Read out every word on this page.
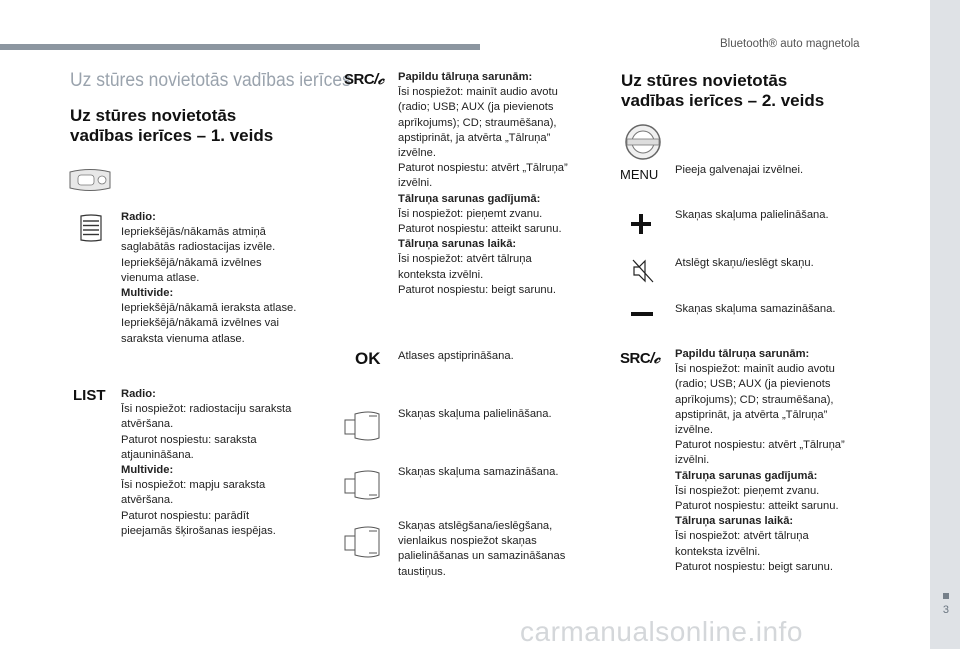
Bluetooth® auto magnetola
3
carmanualsonline.info
Uz stūres novietotās vadības ierīces
Uz stūres novietotās
vadības ierīces – 1. veids
Radio:
Iepriekšējās/nākamās atmiņā
saglabātās radiostacijas izvēle.
Iepriekšējā/nākamā izvēlnes
vienuma atlase.
Multivide:
Iepriekšējā/nākamā ieraksta atlase.
Iepriekšējā/nākamā izvēlnes vai
saraksta vienuma atlase.
LIST Radio:
Īsi nospiežot: radiostaciju saraksta
atvēršana.
Paturot nospiestu: saraksta
atjaunināšana.
Multivide:
Īsi nospiežot: mapju saraksta
atvēršana.
Paturot nospiestu: parādīt
pieejamās šķirošanas iespējas.
SRC/𝒸 Papildu tālruņa sarunām:
Īsi nospiežot: mainīt audio avotu
(radio; USB; AUX (ja pievienots
aprīkojums); CD; straumēšana),
apstiprināt, ja atvērta „Tālruņa”
izvēlne.
Paturot nospiestu: atvērt „Tālruņa”
izvēlni.
Tālruņa sarunas gadījumā:
Īsi nospiežot: pieņemt zvanu.
Paturot nospiestu: atteikt sarunu.
Tālruņa sarunas laikā:
Īsi nospiežot: atvērt tālruņa
konteksta izvēlni.
Paturot nospiestu: beigt sarunu.
OK Atlases apstiprināšana.
Skaņas skaļuma palielināšana.
Skaņas skaļuma samazināšana.
Skaņas atslēgšana/ieslēgšana,
vienlaikus nospiežot skaņas
palielināšanas un samazināšanas
taustiņus.
Uz stūres novietotās
vadības ierīces – 2. veids
MENU Pieeja galvenajai izvēlnei.
Skaņas skaļuma palielināšana.
Atslēgt skaņu/ieslēgt skaņu.
Skaņas skaļuma samazināšana.
SRC/𝒸 Papildu tālruņa sarunām:
Īsi nospiežot: mainīt audio avotu
(radio; USB; AUX (ja pievienots
aprīkojums); CD; straumēšana),
apstiprināt, ja atvērta „Tālruņa”
izvēlne.
Paturot nospiestu: atvērt „Tālruņa”
izvēlni.
Tālruņa sarunas gadījumā:
Īsi nospiežot: pieņemt zvanu.
Paturot nospiestu: atteikt sarunu.
Tālruņa sarunas laikā:
Īsi nospiežot: atvērt tālruņa
konteksta izvēlni.
Paturot nospiestu: beigt sarunu.
